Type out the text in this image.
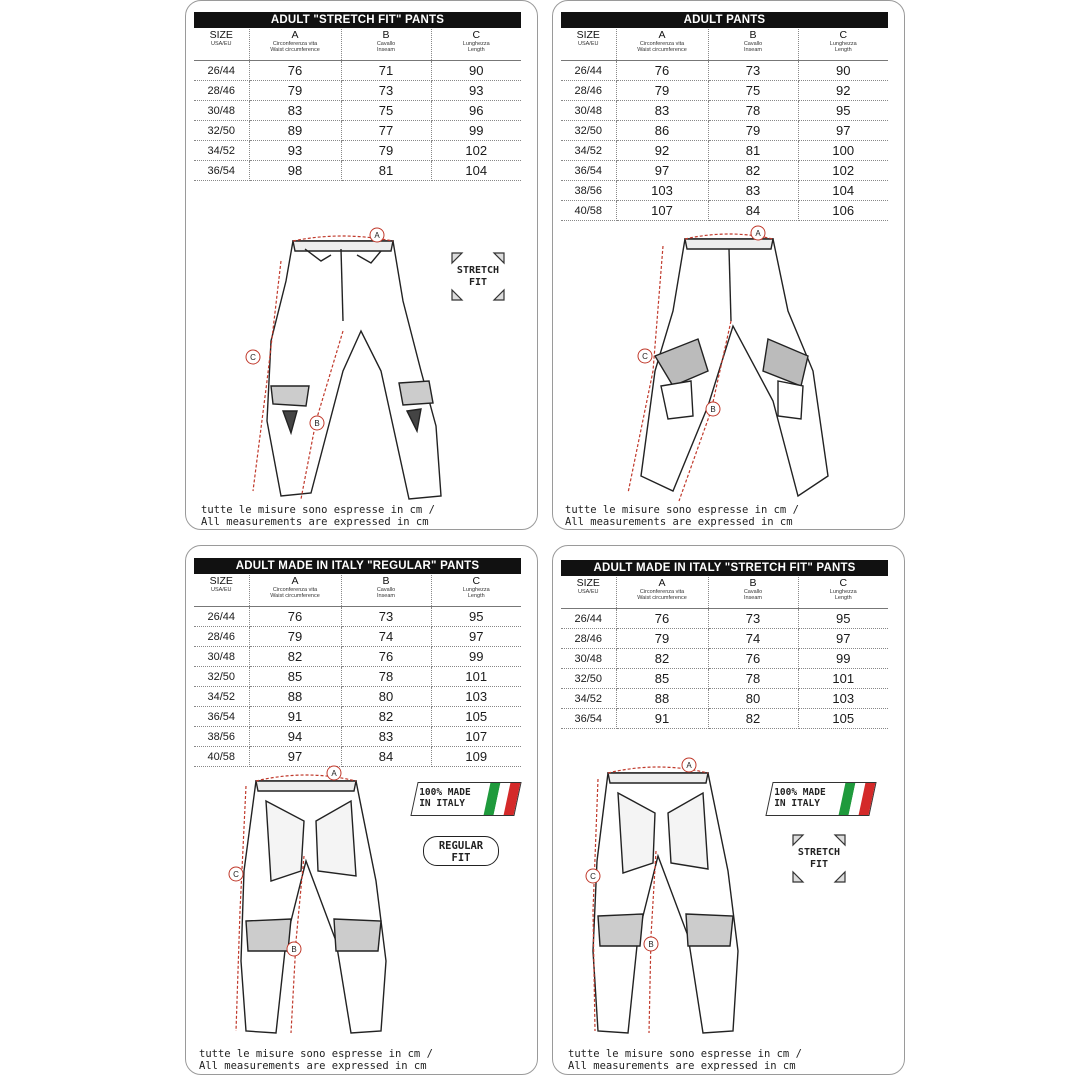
ADULT "STRETCH FIT" PANTS
SIZE
USA/EU	A
Circonferenza vita
Waist circumference	B
Cavallo
Inseam	C
Lunghezza
Length

26/44	76	71	90
28/46	79	73	93
30/48	83	75	96
32/50	89	77	99
34/52	93	79	102
36/54	98	81	104
A
C
B
STRETCH
FIT
tutte le misure sono espresse in cm /
All measurements are expressed in cm
ADULT PANTS
SIZE
USA/EU	A
Circonferenza vita
Waist circumference	B
Cavallo
Inseam	C
Lunghezza
Length

26/44	76	73	90
28/46	79	75	92
30/48	83	78	95
32/50	86	79	97
34/52	92	81	100
36/54	97	82	102
38/56	103	83	104
40/58	107	84	106
A
C
B
tutte le misure sono espresse in cm /
All measurements are expressed in cm
ADULT MADE IN ITALY "REGULAR" PANTS
SIZE
USA/EU	A
Circonferenza vita
Waist circumference	B
Cavallo
Inseam	C
Lunghezza
Length

26/44	76	73	95
28/46	79	74	97
30/48	82	76	99
32/50	85	78	101
34/52	88	80	103
36/54	91	82	105
38/56	94	83	107
40/58	97	84	109
A
C
B
100% MADE
IN ITALY
REGULAR
FIT
tutte le misure sono espresse in cm /
All measurements are expressed in cm
ADULT MADE IN ITALY "STRETCH FIT" PANTS
SIZE
USA/EU	A
Circonferenza vita
Waist circumference	B
Cavallo
Inseam	C
Lunghezza
Length

26/44	76	73	95
28/46	79	74	97
30/48	82	76	99
32/50	85	78	101
34/52	88	80	103
36/54	91	82	105
A
C
B
100% MADE
IN ITALY
STRETCH
FIT
tutte le misure sono espresse in cm /
All measurements are expressed in cm
